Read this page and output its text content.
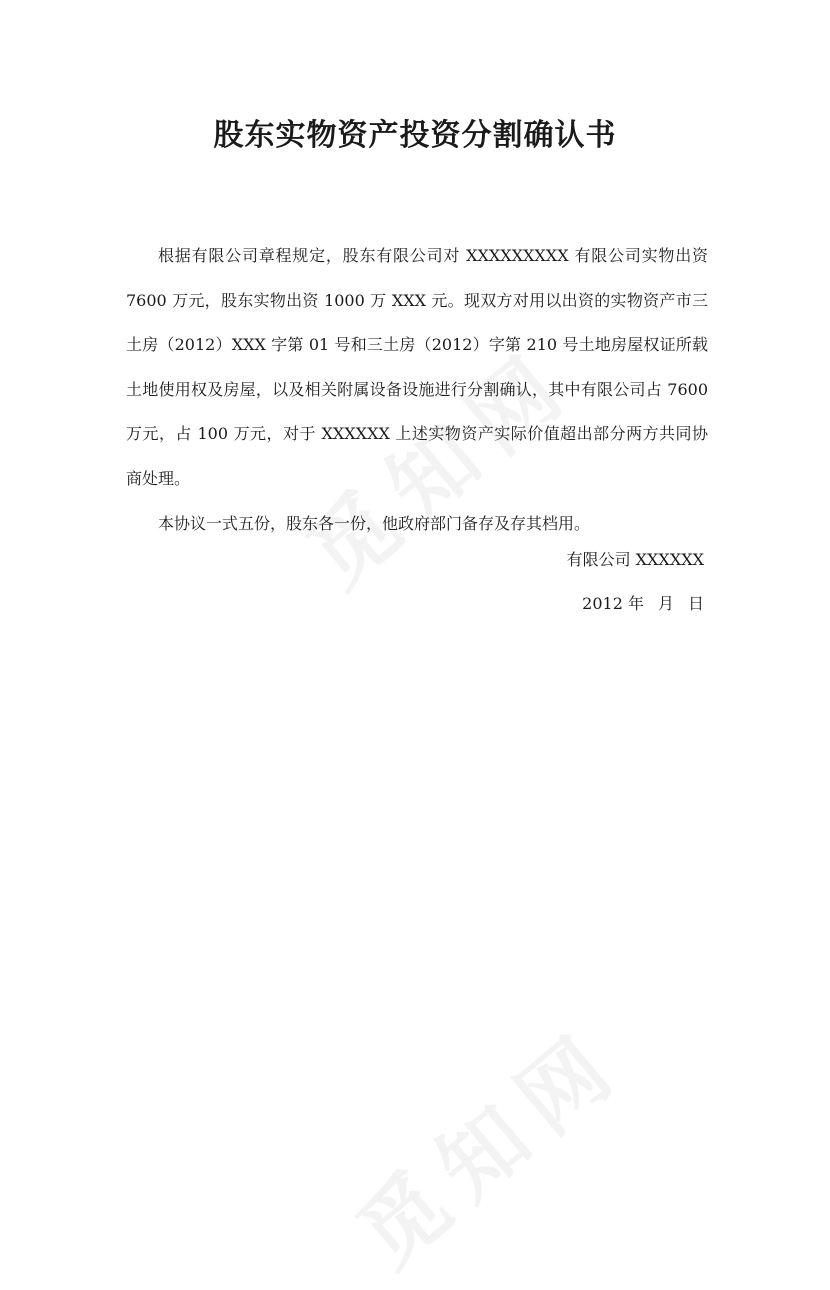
股东实物资产投资分割确认书

根据有限公司章程规定，股东有限公司对 XXXXXXXXX 有限公司实物出资 7600 万元，股东实物出资 1000 万 XXX 元。现双方对用以出资的实物资产市三土房（2012）XXX 字第 01 号和三土房（2012）字第 210 号土地房屋权证所载土地使用权及房屋，以及相关附属设备设施进行分割确认，其中有限公司占 7600 万元，占 100 万元，对于 XXXXXX 上述实物资产实际价值超出部分两方共同协商处理。

本协议一式五份，股东各一份，他政府部门备存及存其档用。

有限公司 XXXXXX
2012 年 月 日
